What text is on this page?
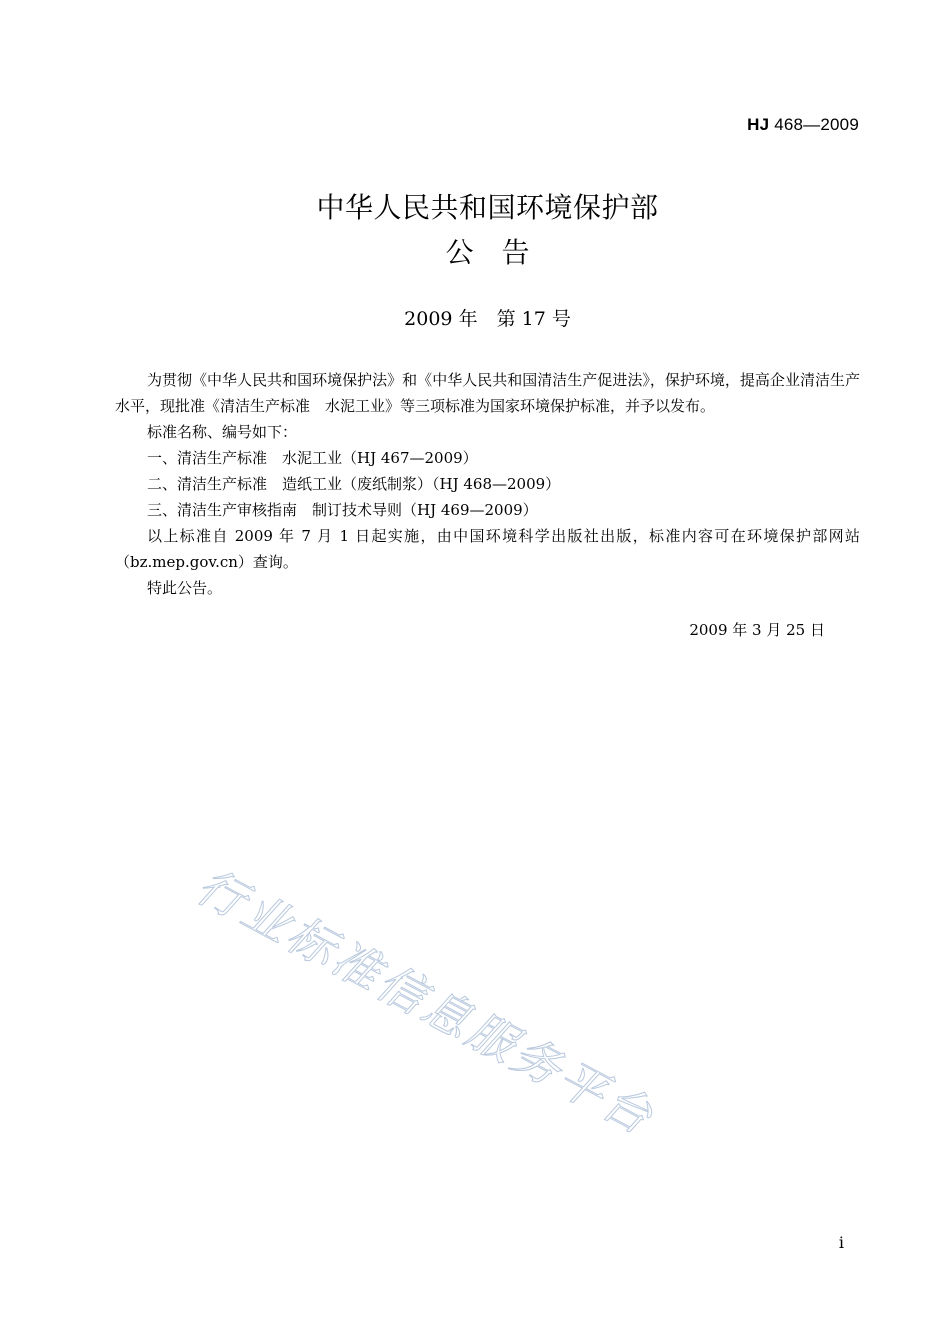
HJ 468—2009
中华人民共和国环境保护部
公　告
2009 年　第 17 号

为贯彻《中华人民共和国环境保护法》和《中华人民共和国清洁生产促进法》，保护环境，提高企业清洁生产水平，现批准《清洁生产标准　水泥工业》等三项标准为国家环境保护标准，并予以发布。

标准名称、编号如下：

一、清洁生产标准　水泥工业（HJ 467—2009）

二、清洁生产标准　造纸工业（废纸制浆）（HJ 468—2009）

三、清洁生产审核指南　制订技术导则（HJ 469—2009）

以上标准自 2009 年 7 月 1 日起实施，由中国环境科学出版社出版，标准内容可在环境保护部网站（bz.mep.gov.cn）查询。

特此公告。

2009 年 3 月 25 日
行业标准信息服务平台
i
